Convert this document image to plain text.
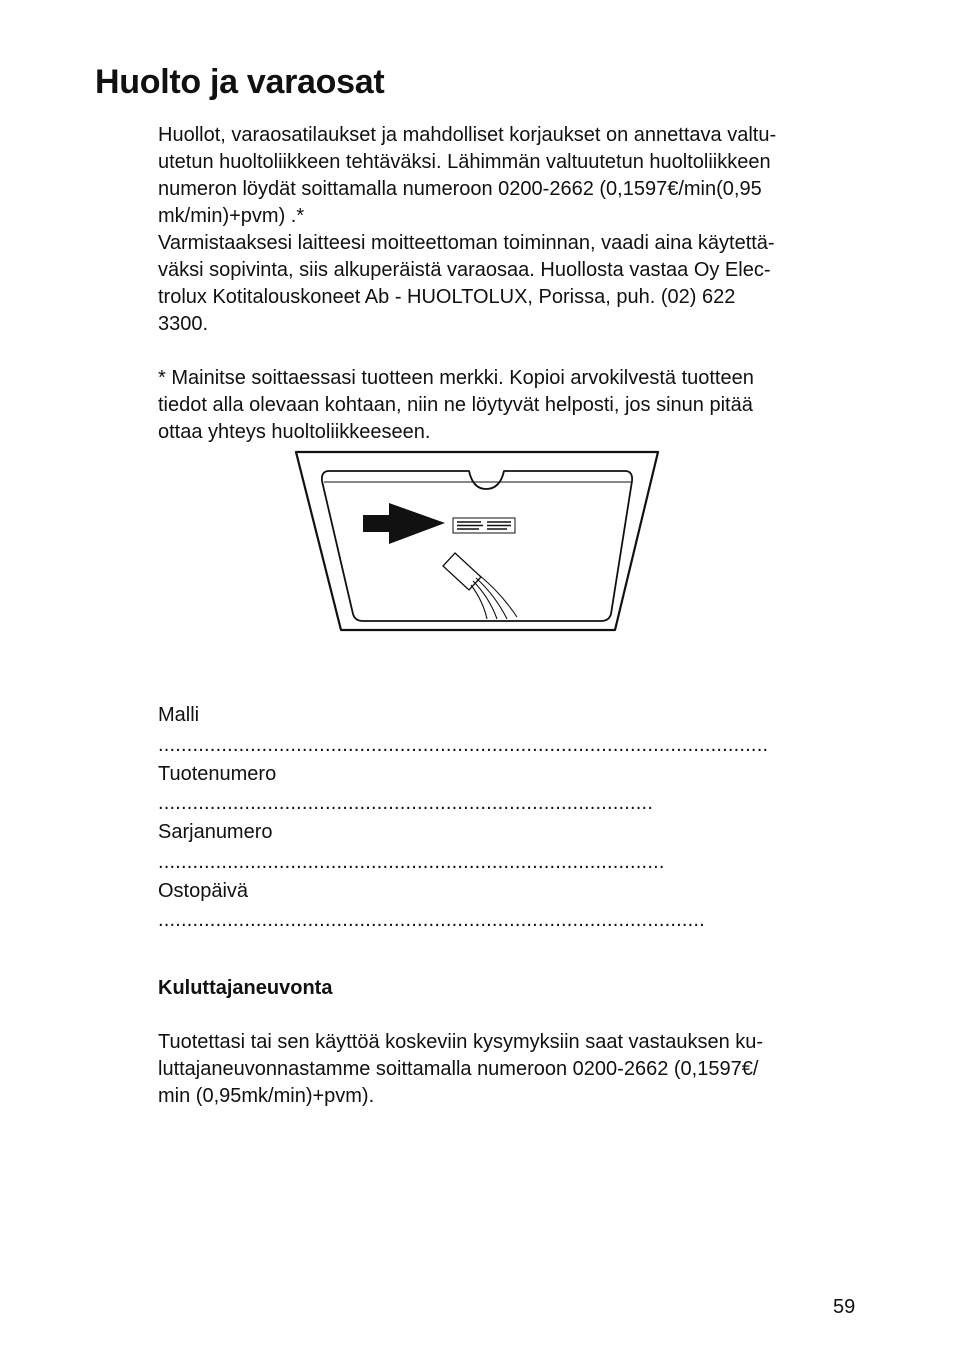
Huolto ja varaosat

Huollot, varaosatilaukset ja mahdolliset korjaukset on annettava valtu-
utetun huoltoliikkeen tehtäväksi. Lähimmän valtuutetun huoltoliikkeen
numeron löydät soittamalla numeroon 0200-2662 (0,1597€/min(0,95
mk/min)+pvm) .*
Varmistaaksesi laitteesi moitteettoman toiminnan, vaadi aina käytettä-
väksi sopivinta, siis alkuperäistä varaosaa. Huollosta vastaa Oy Elec-
trolux Kotitalouskoneet Ab - HUOLTOLUX, Porissa, puh. (02) 622
3300.

* Mainitse soittaessasi tuotteen merkki. Kopioi arvokilvestä tuotteen
tiedot alla olevaan kohtaan, niin ne löytyvät helposti, jos sinun pitää
ottaa yhteys huoltoliikkeeseen.

Malli
..........................................................................................................
Tuotenumero
......................................................................................
Sarjanumero
........................................................................................
Ostopäivä
...............................................................................................
Kuluttajaneuvonta

Tuotettasi tai sen käyttöä koskeviin kysymyksiin saat vastauksen ku-
luttajaneuvonnastamme soittamalla numeroon 0200-2662 (0,1597€/
min (0,95mk/min)+pvm).

59
